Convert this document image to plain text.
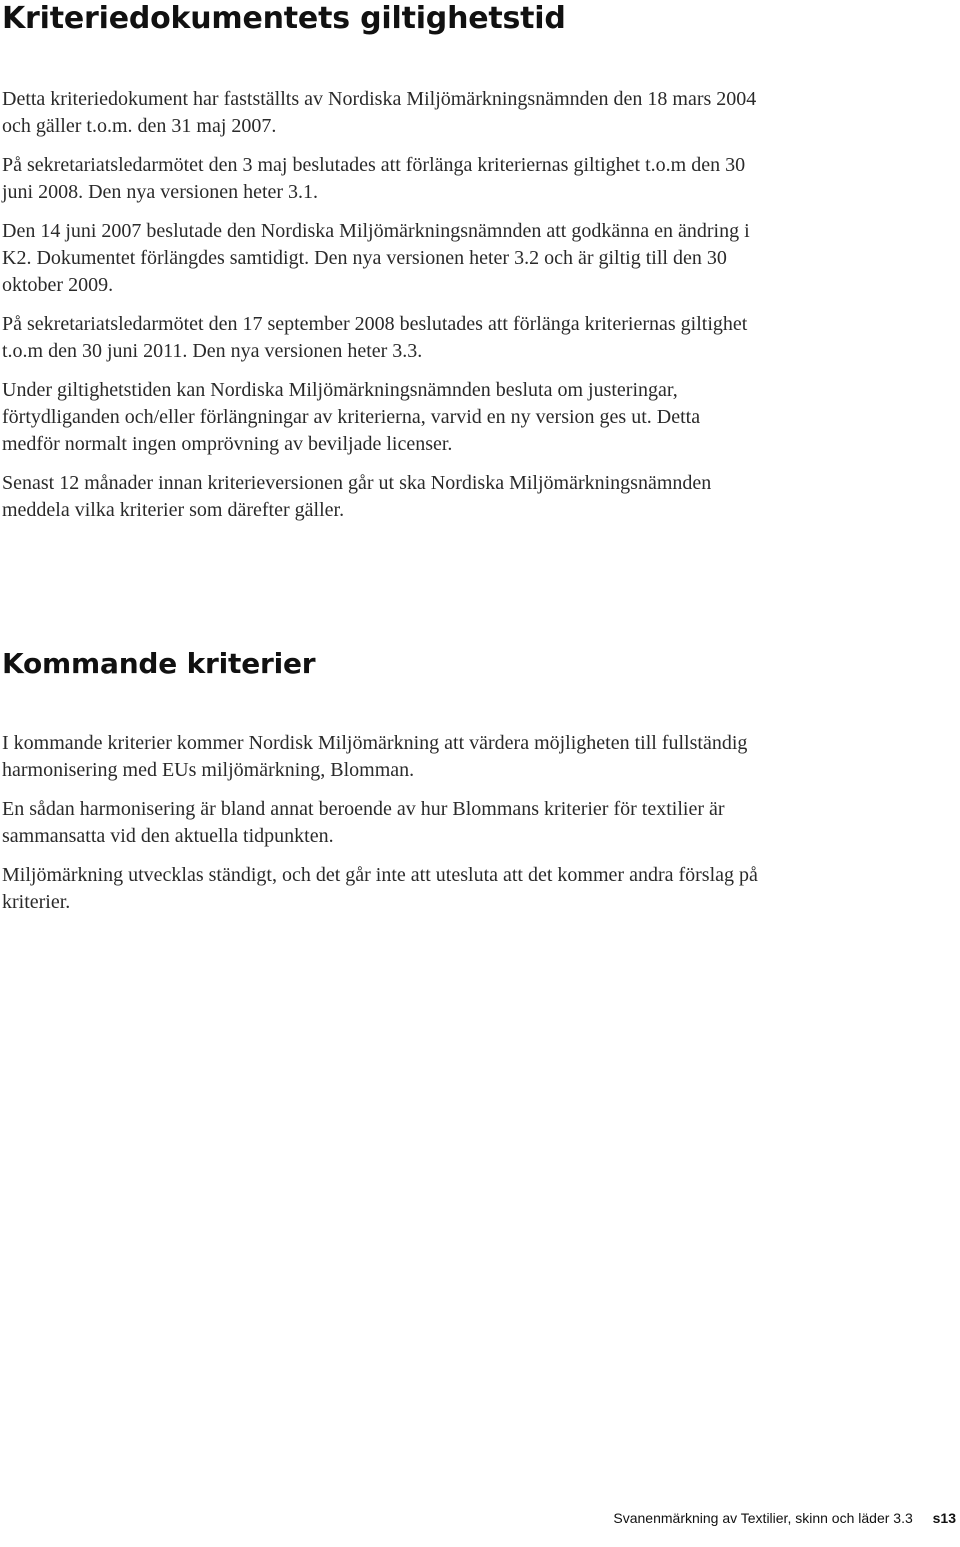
Kriteriedokumentets giltighetstid

Detta kriteriedokument har fastställts av Nordiska Miljömärkningsnämnden den 18 mars 2004 och gäller t.o.m. den 31 maj 2007.

På sekretariatsledarmötet den 3 maj beslutades att förlänga kriteriernas giltighet t.o.m den 30 juni 2008. Den nya versionen heter 3.1.

Den 14 juni 2007 beslutade den Nordiska Miljömärkningsnämnden att godkänna en ändring i K2. Dokumentet förlängdes samtidigt. Den nya versionen heter 3.2 och är giltig till den 30 oktober 2009.

På sekretariatsledarmötet den 17 september 2008 beslutades att förlänga kriteriernas giltighet t.o.m den 30 juni 2011. Den nya versionen heter 3.3.

Under giltighetstiden kan Nordiska Miljömärkningsnämnden besluta om justeringar, förtydliganden och/eller förlängningar av kriterierna, varvid en ny version ges ut. Detta medför normalt ingen omprövning av beviljade licenser.

Senast 12 månader innan kriterieversionen går ut ska Nordiska Miljömärkningsnämnden meddela vilka kriterier som därefter gäller.

Kommande kriterier

I kommande kriterier kommer Nordisk Miljömärkning att värdera möjligheten till fullständig harmonisering med EUs miljömärkning, Blomman.

En sådan harmonisering är bland annat beroende av hur Blommans kriterier för textilier är sammansatta vid den aktuella tidpunkten.

Miljömärkning utvecklas ständigt, och det går inte att utesluta att det kommer andra förslag på kriterier.

Svanenmärkning av Textilier, skinn och läder 3.3 s13
